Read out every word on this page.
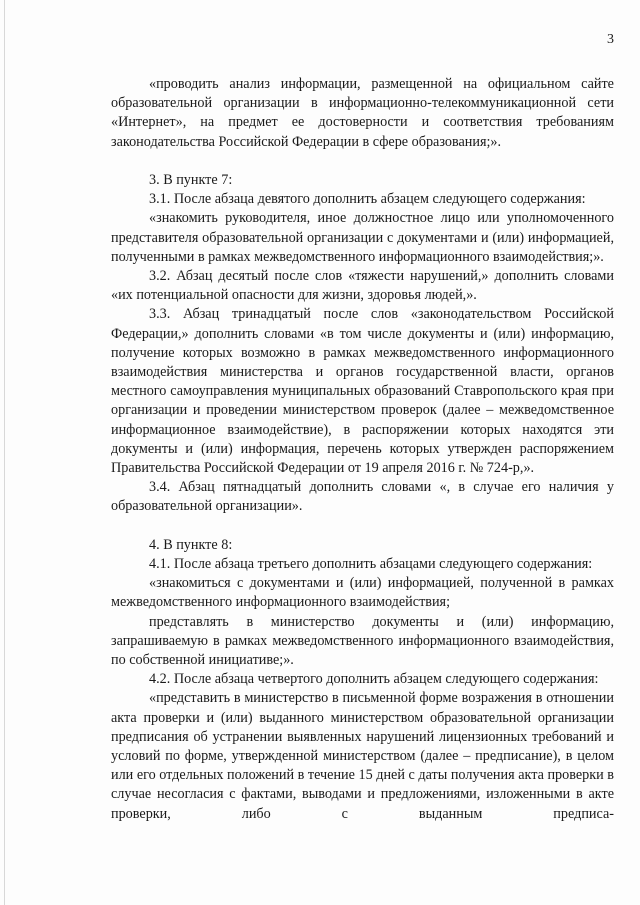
3

«проводить анализ информации, размещенной на официальном сайте образовательной организации в информационно-телекоммуникационной сети «Интернет», на предмет ее достоверности и соответствия требованиям законодательства Российской Федерации в сфере образования;».

3. В пункте 7:

3.1. После абзаца девятого дополнить абзацем следующего содержания:

«знакомить руководителя, иное должностное лицо или уполномоченного представителя образовательной организации с документами и (или) информацией, полученными в рамках межведомственного информационного взаимодействия;».

3.2. Абзац десятый после слов «тяжести нарушений,» дополнить словами «их потенциальной опасности для жизни, здоровья людей,».

3.3. Абзац тринадцатый после слов «законодательством Российской Федерации,» дополнить словами «в том числе документы и (или) информацию, получение которых возможно в рамках межведомственного информационного взаимодействия министерства и органов государственной власти, органов местного самоуправления муниципальных образований Ставропольского края при организации и проведении министерством проверок (далее – межведомственное информационное взаимодействие), в распоряжении которых находятся эти документы и (или) информация, перечень которых утвержден распоряжением Правительства Российской Федерации от 19 апреля 2016 г. № 724-р,».

3.4. Абзац пятнадцатый дополнить словами «, в случае его наличия у образовательной организации».

4. В пункте 8:

4.1. После абзаца третьего дополнить абзацами следующего содержания:

«знакомиться с документами и (или) информацией, полученной в рамках межведомственного информационного взаимодействия;

представлять в министерство документы и (или) информацию, запрашиваемую в рамках межведомственного информационного взаимодействия, по собственной инициативе;».

4.2. После абзаца четвертого дополнить абзацем следующего содержания:

«представить в министерство в письменной форме возражения в отношении акта проверки и (или) выданного министерством образовательной организации предписания об устранении выявленных нарушений лицензионных требований и условий по форме, утвержденной министерством (далее – предписание), в целом или его отдельных положений в течение 15 дней с даты получения акта проверки в случае несогласия с фактами, выводами и предложениями, изложенными в акте проверки, либо с выданным предписа-
